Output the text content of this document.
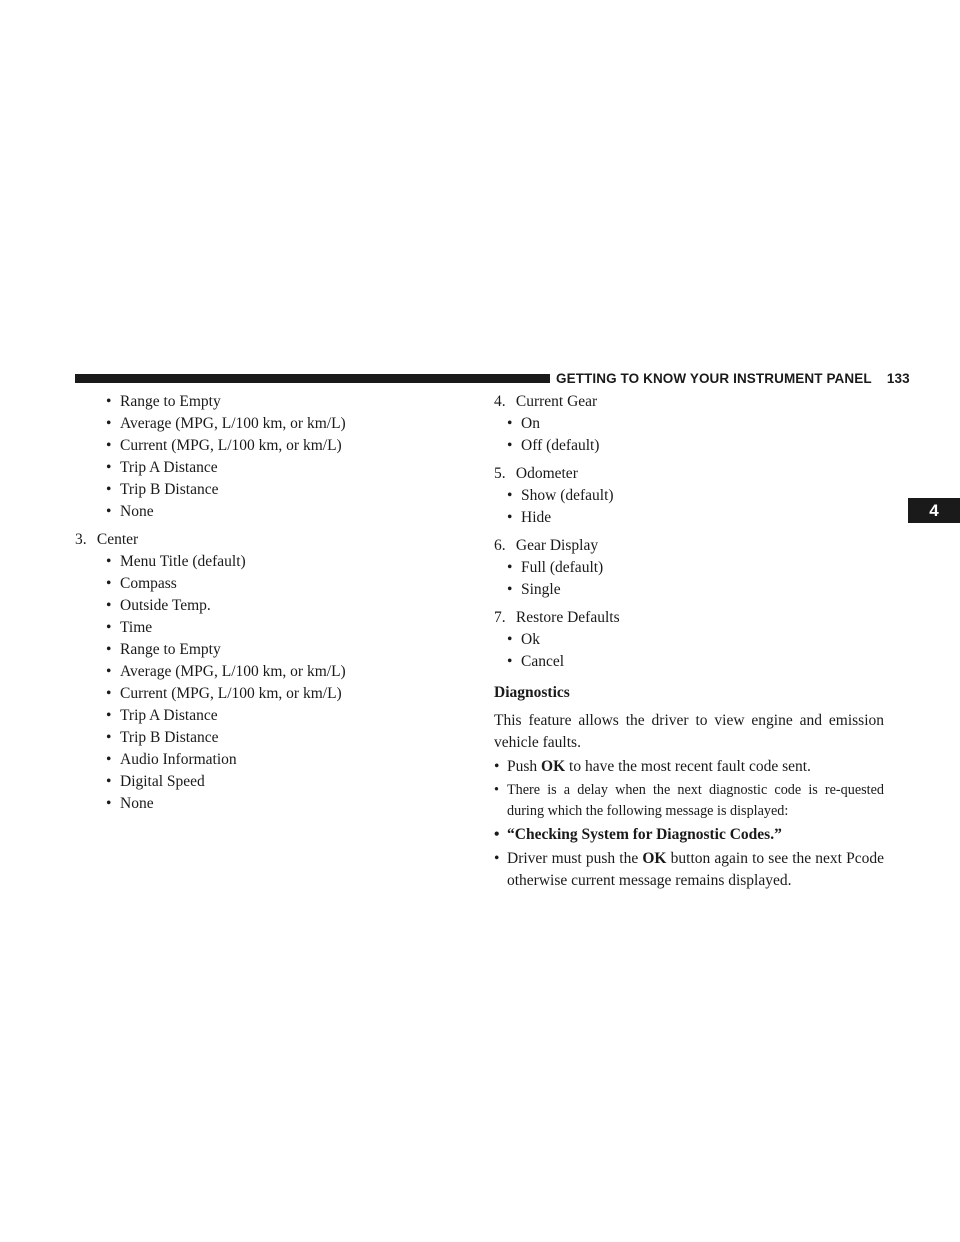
GETTING TO KNOW YOUR INSTRUMENT PANEL    133
4
• Range to Empty
• Average (MPG, L/100 km, or km/L)
• Current (MPG, L/100 km, or km/L)
• Trip A Distance
• Trip B Distance
• None
3. Center
• Menu Title (default)
• Compass
• Outside Temp.
• Time
• Range to Empty
• Average (MPG, L/100 km, or km/L)
• Current (MPG, L/100 km, or km/L)
• Trip A Distance
• Trip B Distance
• Audio Information
• Digital Speed
• None
4. Current Gear
• On
• Off (default)
5. Odometer
• Show (default)
• Hide
6. Gear Display
• Full (default)
• Single
7. Restore Defaults
• Ok
• Cancel
Diagnostics
This feature allows the driver to view engine and emission vehicle faults.
• Push OK to have the most recent fault code sent.
• There is a delay when the next diagnostic code is re-quested during which the following message is displayed:
• “Checking System for Diagnostic Codes.”
• Driver must push the OK button again to see the next Pcode otherwise current message remains displayed.
